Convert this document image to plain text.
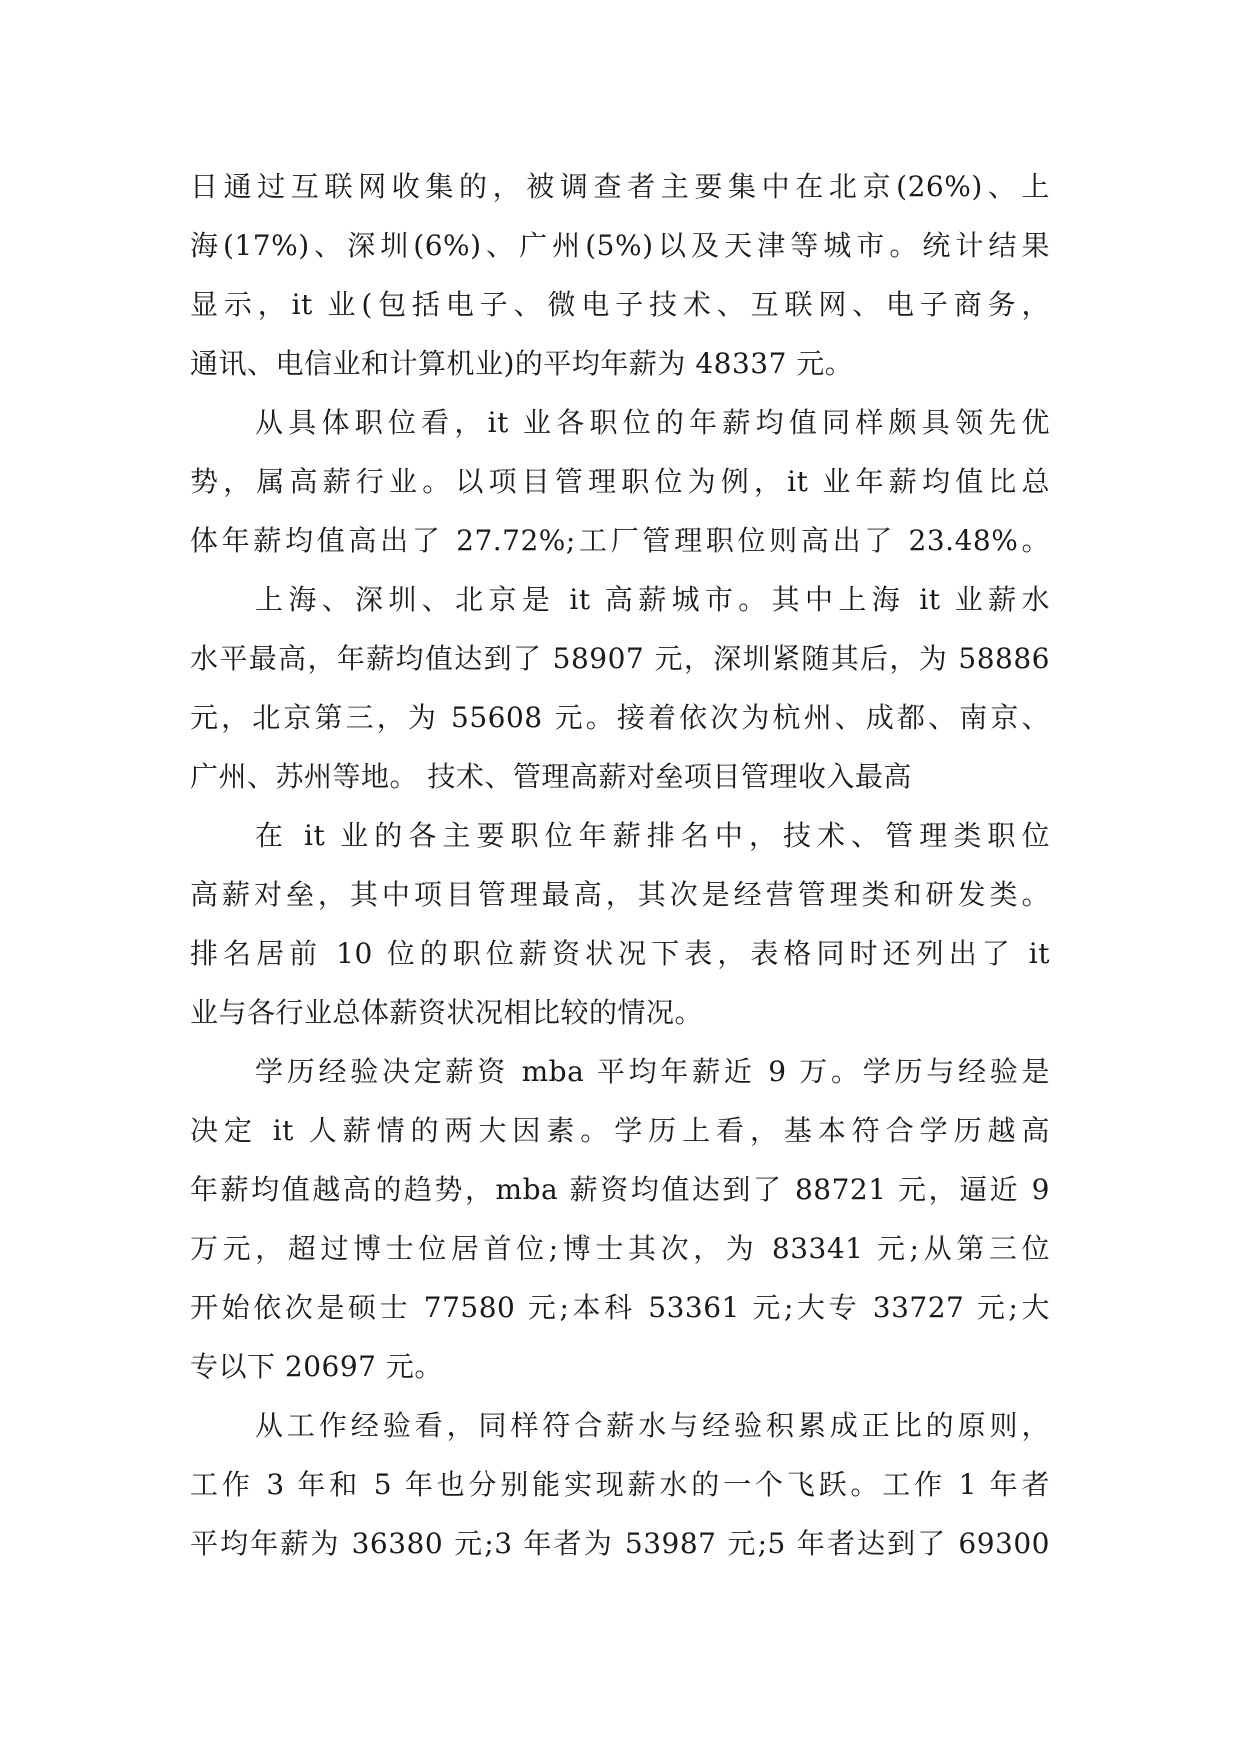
日通过互联网收集的，被调查者主要集中在北京(26%)、上
海(17%)、深圳(6%)、广州(5%)以及天津等城市。统计结果
显示，it 业(包括电子、微电子技术、互联网、电子商务，
通讯、电信业和计算机业)的平均年薪为 48337 元。
从具体职位看，it 业各职位的年薪均值同样颇具领先优
势，属高薪行业。以项目管理职位为例，it 业年薪均值比总
体年薪均值高出了 27.72%;工厂管理职位则高出了 23.48%。
上海、深圳、北京是 it 高薪城市。其中上海 it 业薪水
水平最高，年薪均值达到了 58907 元，深圳紧随其后，为 58886
元，北京第三，为 55608 元。接着依次为杭州、成都、南京、
广州、苏州等地。 技术、管理高薪对垒项目管理收入最高
在 it 业的各主要职位年薪排名中，技术、管理类职位
高薪对垒，其中项目管理最高，其次是经营管理类和研发类。
排名居前 10 位的职位薪资状况下表，表格同时还列出了 it
业与各行业总体薪资状况相比较的情况。
学历经验决定薪资 mba 平均年薪近 9 万。学历与经验是
决定 it 人薪情的两大因素。学历上看，基本符合学历越高
年薪均值越高的趋势，mba 薪资均值达到了 88721 元，逼近 9
万元，超过博士位居首位;博士其次，为 83341 元;从第三位
开始依次是硕士 77580 元;本科 53361 元;大专 33727 元;大
专以下 20697 元。
从工作经验看，同样符合薪水与经验积累成正比的原则，
工作 3 年和 5 年也分别能实现薪水的一个飞跃。工作 1 年者
平均年薪为 36380 元;3 年者为 53987 元;5 年者达到了 69300
